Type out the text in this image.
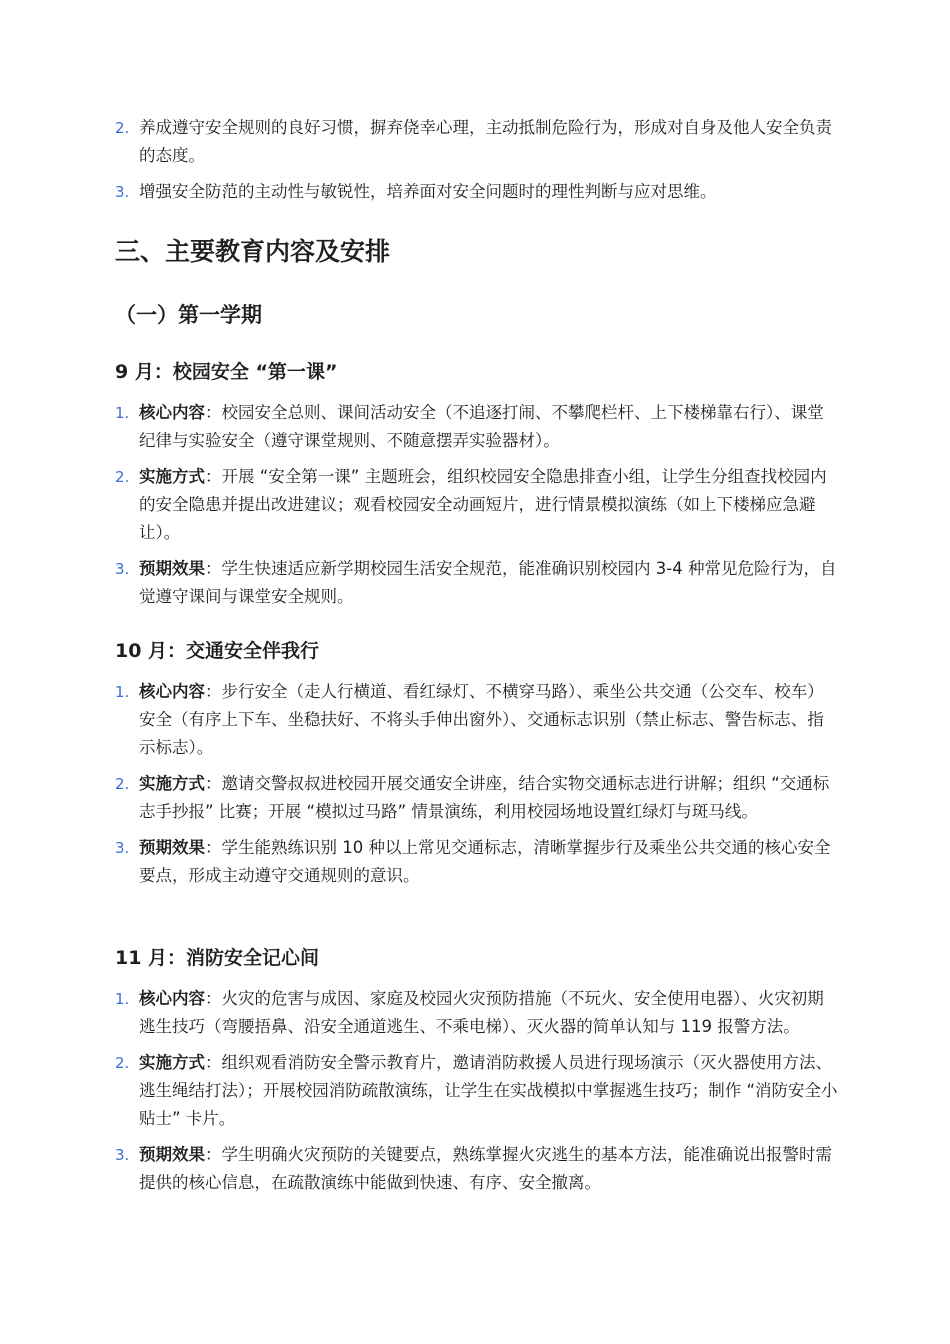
2. 养成遵守安全规则的良好习惯，摒弃侥幸心理，主动抵制危险行为，形成对自身及他人安全负责的态度。
3. 增强安全防范的主动性与敏锐性，培养面对安全问题时的理性判断与应对思维。
三、主要教育内容及安排
（一）第一学期
9 月：校园安全 “第一课”
1. 核心内容：校园安全总则、课间活动安全（不追逐打闹、不攀爬栏杆、上下楼梯靠右行）、课堂纪律与实验安全（遵守课堂规则、不随意摆弄实验器材）。
2. 实施方式：开展 “安全第一课” 主题班会，组织校园安全隐患排查小组，让学生分组查找校园内的安全隐患并提出改进建议；观看校园安全动画短片，进行情景模拟演练（如上下楼梯应急避让）。
3. 预期效果：学生快速适应新学期校园生活安全规范，能准确识别校园内 3-4 种常见危险行为，自觉遵守课间与课堂安全规则。
10 月：交通安全伴我行
1. 核心内容：步行安全（走人行横道、看红绿灯、不横穿马路）、乘坐公共交通（公交车、校车）安全（有序上下车、坐稳扶好、不将头手伸出窗外）、交通标志识别（禁止标志、警告标志、指示标志）。
2. 实施方式：邀请交警叔叔进校园开展交通安全讲座，结合实物交通标志进行讲解；组织 “交通标志手抄报” 比赛；开展 “模拟过马路” 情景演练，利用校园场地设置红绿灯与斑马线。
3. 预期效果：学生能熟练识别 10 种以上常见交通标志，清晰掌握步行及乘坐公共交通的核心安全要点，形成主动遵守交通规则的意识。
11 月：消防安全记心间
1. 核心内容：火灾的危害与成因、家庭及校园火灾预防措施（不玩火、安全使用电器）、火灾初期逃生技巧（弯腰捂鼻、沿安全通道逃生、不乘电梯）、灭火器的简单认知与 119 报警方法。
2. 实施方式：组织观看消防安全警示教育片，邀请消防救援人员进行现场演示（灭火器使用方法、逃生绳结打法）；开展校园消防疏散演练，让学生在实战模拟中掌握逃生技巧；制作 “消防安全小贴士” 卡片。
3. 预期效果：学生明确火灾预防的关键要点，熟练掌握火灾逃生的基本方法，能准确说出报警时需提供的核心信息，在疏散演练中能做到快速、有序、安全撤离。
